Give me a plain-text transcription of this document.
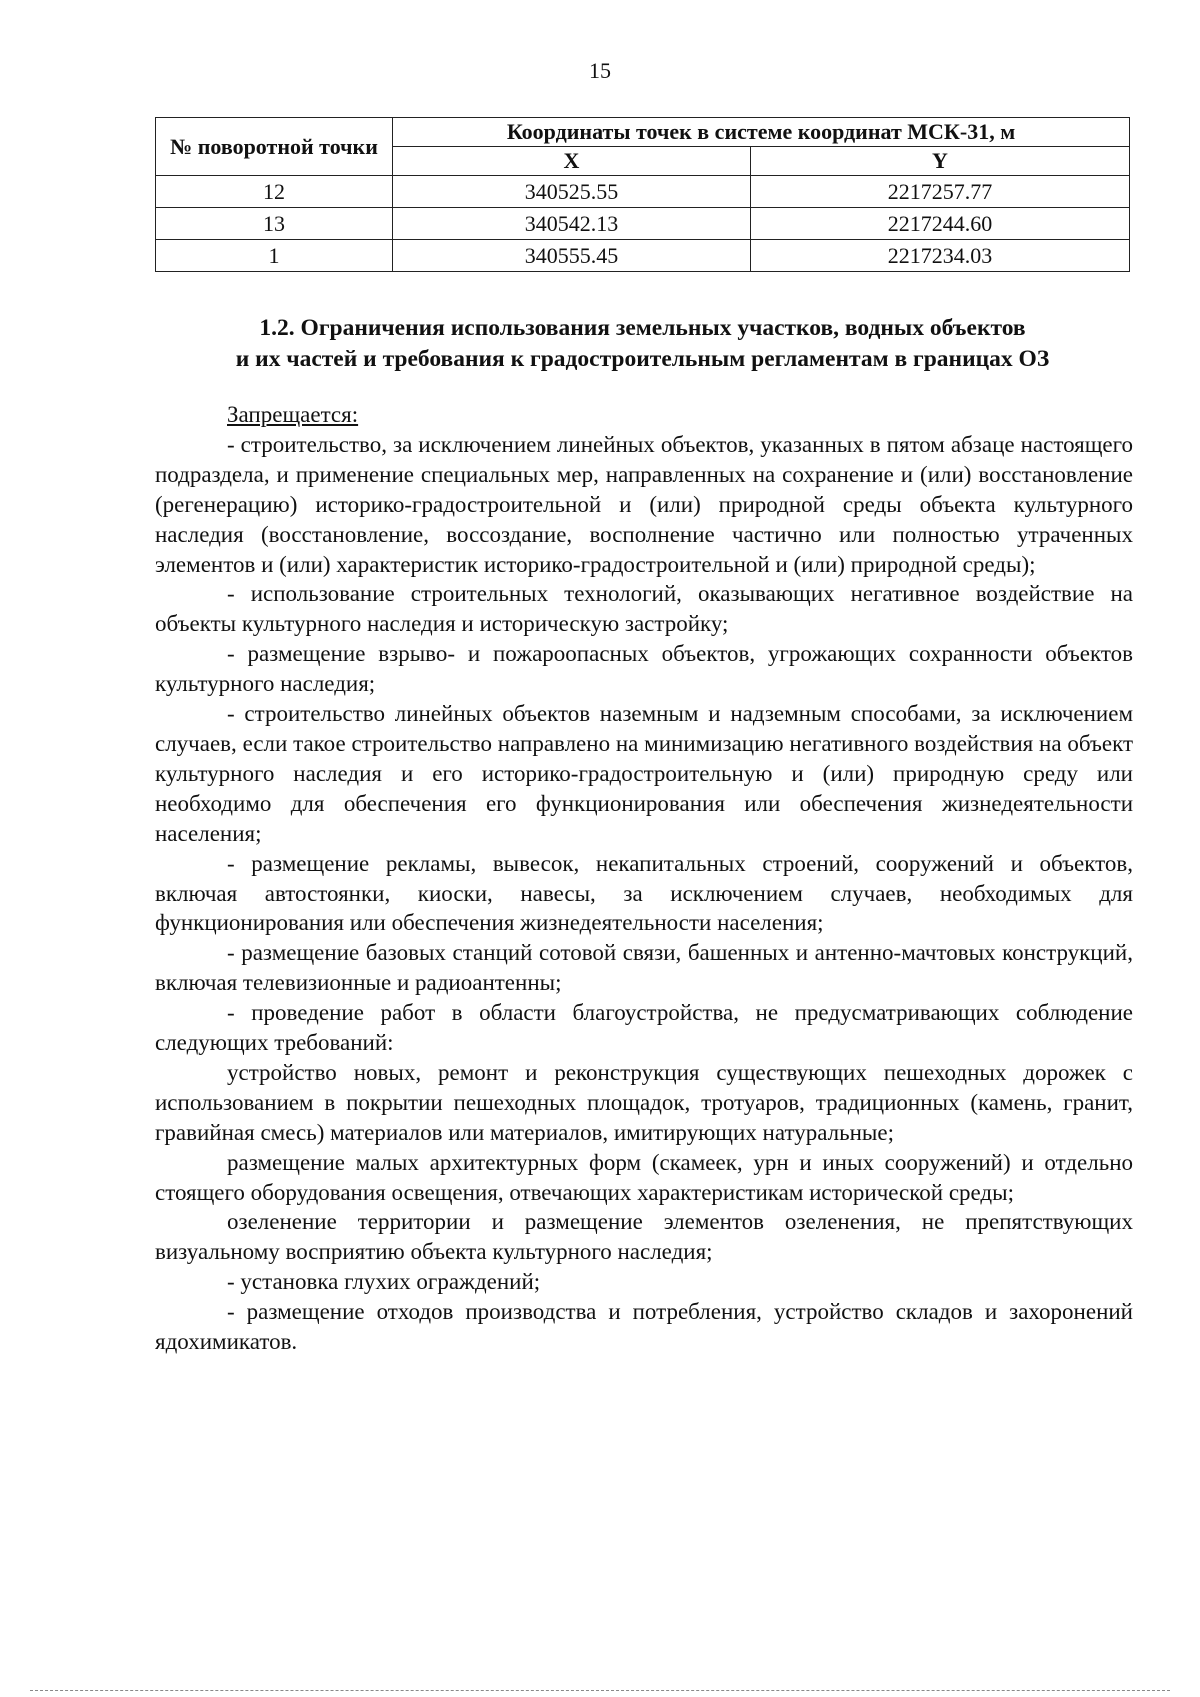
15
№ поворотной точки	Координаты точек в системе координат МСК-31, м	
	X	Y
12	340525.55	2217257.77
13	340542.13	2217244.60
1	340555.45	2217234.03
1.2. Ограничения использования земельных участков, водных объектов
и их частей и требования к градостроительным регламентам в границах ОЗ
Запрещается:

- строительство, за исключением линейных объектов, указанных в пятом абзаце настоящего подраздела, и применение специальных мер, направленных на сохранение и (или) восстановление (регенерацию) историко-градостроительной и (или) природной среды объекта культурного наследия (восстановление, воссоздание, восполнение частично или полностью утраченных элементов и (или) характеристик историко-градостроительной и (или) природной среды);

- использование строительных технологий, оказывающих негативное воздействие на объекты культурного наследия и историческую застройку;

- размещение взрыво- и пожароопасных объектов, угрожающих сохранности объектов культурного наследия;

- строительство линейных объектов наземным и надземным способами, за исключением случаев, если такое строительство направлено на минимизацию негативного воздействия на объект культурного наследия и его историко-градостроительную и (или) природную среду или необходимо для обеспечения его функционирования или обеспечения жизнедеятельности населения;

- размещение рекламы, вывесок, некапитальных строений, сооружений и объектов, включая автостоянки, киоски, навесы, за исключением случаев, необходимых для функционирования или обеспечения жизнедеятельности населения;

- размещение базовых станций сотовой связи, башенных и антенно-мачтовых конструкций, включая телевизионные и радиоантенны;

- проведение работ в области благоустройства, не предусматривающих соблюдение следующих требований:

устройство новых, ремонт и реконструкция существующих пешеходных дорожек с использованием в покрытии пешеходных площадок, тротуаров, традиционных (камень, гранит, гравийная смесь) материалов или материалов, имитирующих натуральные;

размещение малых архитектурных форм (скамеек, урн и иных сооружений) и отдельно стоящего оборудования освещения, отвечающих характеристикам исторической среды;

озеленение территории и размещение элементов озеленения, не препятствующих визуальному восприятию объекта культурного наследия;

- установка глухих ограждений;

- размещение отходов производства и потребления, устройство складов и захоронений ядохимикатов.
